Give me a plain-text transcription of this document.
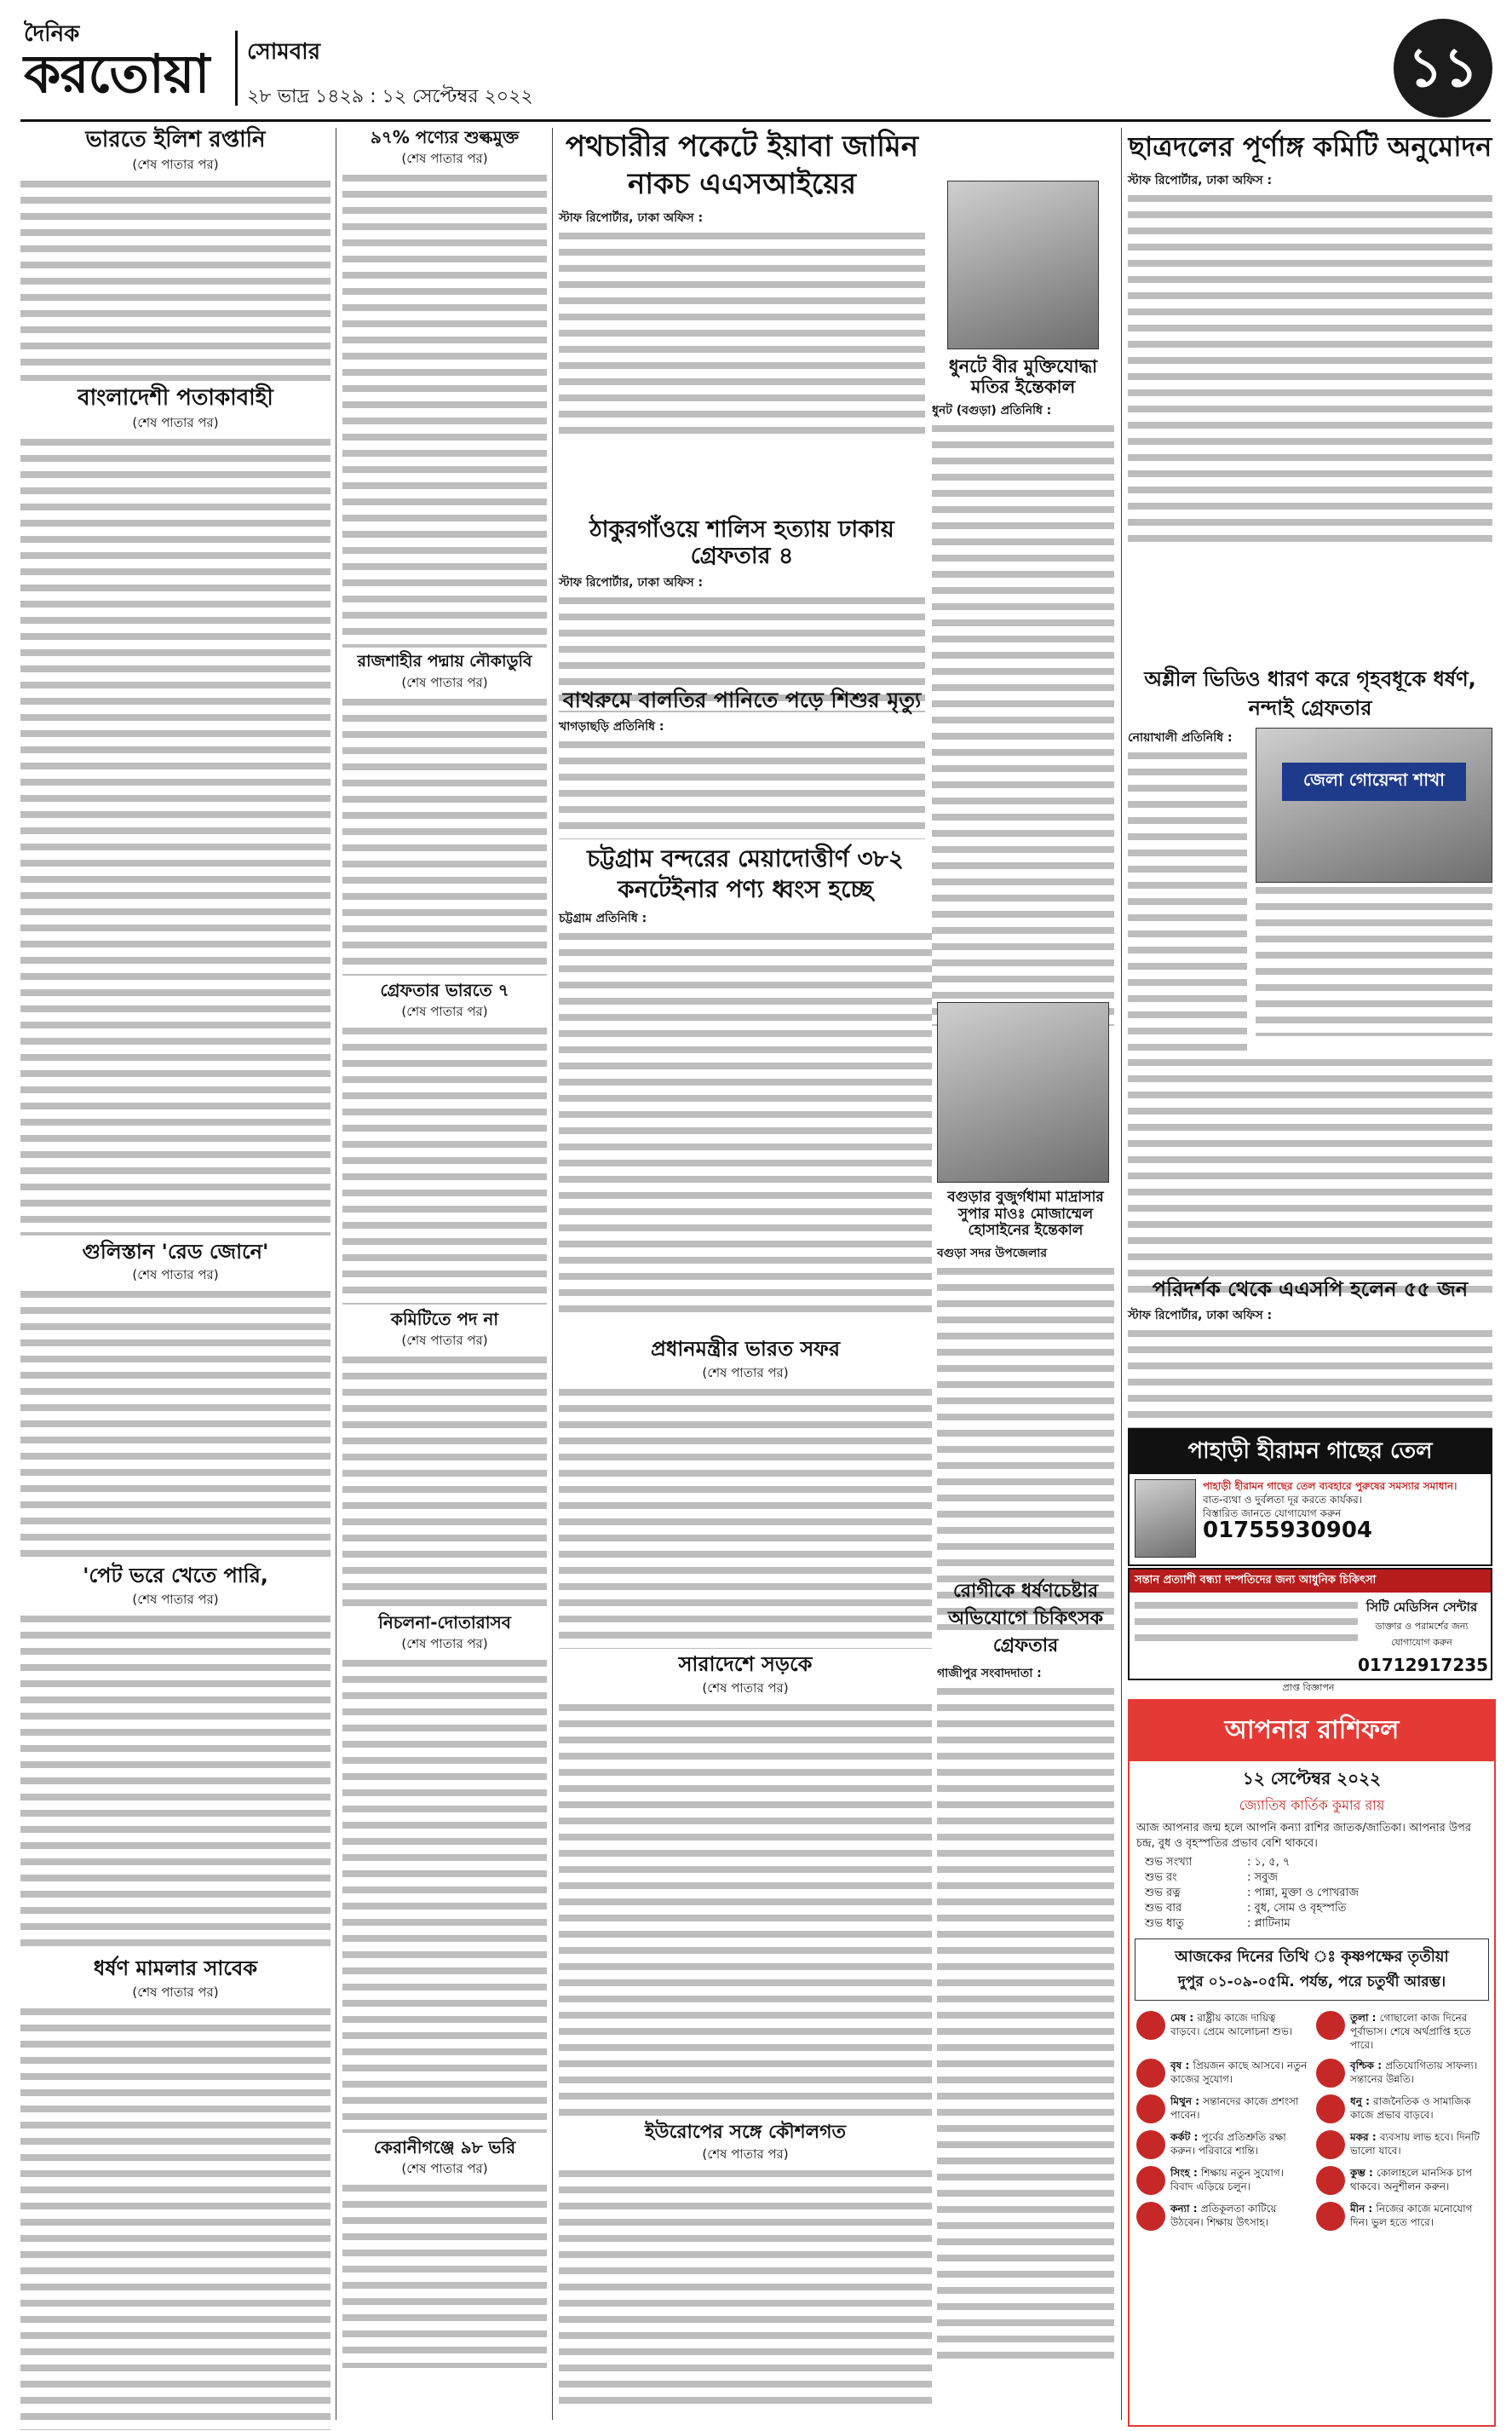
দৈনিক
করতোয়া	সোমবার
২৮ ভাদ্র ১৪২৯ : ১২ সেপ্টেম্বর ২০২২	১১
ভারতে ইলিশ রপ্তানি
(শেষ পাতার পর)
বাংলাদেশী পতাকাবাহী
(শেষ পাতার পর)
গুলিস্তান 'রেড জোনে'
(শেষ পাতার পর)
'পেট ভরে খেতে পারি,
(শেষ পাতার পর)
ধর্ষণ মামলার সাবেক
(শেষ পাতার পর)
৯৭% পণ্যের শুল্কমুক্ত
(শেষ পাতার পর)
রাজশাহীর পদ্মায় নৌকাডুবি
(শেষ পাতার পর)
গ্রেফতার ভারতে ৭
(শেষ পাতার পর)
কমিটিতে পদ না
(শেষ পাতার পর)
নিচলনা-দোতারাসব
(শেষ পাতার পর)
কেরানীগঞ্জে ৯৮ ভরি
(শেষ পাতার পর)
পথচারীর পকেটে ইয়াবা জামিন নাকচ এএসআইয়ের
স্টাফ রিপোর্টার, ঢাকা অফিস :
ধুনটে বীর মুক্তিযোদ্ধা মতির ইন্তেকাল
ধুনট (বগুড়া) প্রতিনিধি :
ঠাকুরগাঁওয়ে শালিস হত্যায় ঢাকায় গ্রেফতার ৪
স্টাফ রিপোর্টার, ঢাকা অফিস :
বাথরুমে বালতির পানিতে পড়ে শিশুর মৃত্যু
খাগড়াছড়ি প্রতিনিধি :
চট্টগ্রাম বন্দরের মেয়াদোত্তীর্ণ ৩৮২ কনটেইনার পণ্য ধ্বংস হচ্ছে
চট্টগ্রাম প্রতিনিধি :
বগুড়ার বুজুর্গধামা মাদ্রাসার সুপার মাওঃ মোজাম্মেল হোসাইনের ইন্তেকাল
বগুড়া সদর উপজেলার
প্রধানমন্ত্রীর ভারত সফর
(শেষ পাতার পর)
সারাদেশে সড়কে
(শেষ পাতার পর)
ইউরোপের সঙ্গে কৌশলগত
(শেষ পাতার পর)
রোগীকে ধর্ষণচেষ্টার অভিযোগে চিকিৎসক গ্রেফতার
গাজীপুর সংবাদদাতা :
ছাত্রদলের পূর্ণাঙ্গ কমিটি অনুমোদন
স্টাফ রিপোর্টার, ঢাকা অফিস :
অশ্লীল ভিডিও ধারণ করে গৃহবধূকে ধর্ষণ, নন্দাই গ্রেফতার
নোয়াখালী প্রতিনিধি :
জেলা গোয়েন্দা শাখা
পরিদর্শক থেকে এএসপি হলেন ৫৫ জন
স্টাফ রিপোর্টার, ঢাকা অফিস :
পাহাড়ী হীরামন গাছের তেল
পাহাড়ী হীরামন গাছের তেল ব্যবহারে পুরুষের সমস্যার সমাধান।
বাত-ব্যথা ও দুর্বলতা দূর করতে কার্যকর।
বিস্তারিত জানতে যোগাযোগ করুন
01755930904
সন্তান প্রত্যাশী বন্ধ্যা দম্পতিদের জন্য আধুনিক চিকিৎসা
সিটি মেডিসিন সেন্টার
ডাক্তার ও পরামর্শের জন্য যোগাযোগ করুন
01712917235
প্রাপ্ত বিজ্ঞাপন
আপনার রাশিফল
১২ সেপ্টেম্বর ২০২২
জ্যোতিষ কার্তিক কুমার রায়
আজ আপনার জন্ম হলে আপনি কন্যা রাশির জাতক/জাতিকা। আপনার উপর চন্দ্র, বুধ ও বৃহস্পতির প্রভাব বেশি থাকবে।
শুভ সংখ্যা	: ১, ৫, ৭
শুভ রং	: সবুজ
শুভ রত্ন	: পান্না, মুক্তা ও পোখরাজ
শুভ বার	: বুধ, সোম ও বৃহস্পতি
শুভ ধাতু	: প্লাটিনাম
আজকের দিনের তিথি ঃ কৃষ্ণপক্ষের তৃতীয়া
দুপুর ০১-০৯-০৫মি. পর্যন্ত, পরে চতুর্থী আরম্ভ।
মেষ : রাষ্ট্রীয় কাজে দায়িত্ব বাড়বে। প্রেমে আলোচনা শুভ।
তুলা : গোছালো কাজ দিনের পূর্বাভাস। শেষে অর্থপ্রাপ্তি হতে পারে।
বৃষ : প্রিয়জন কাছে আসবে। নতুন কাজের সুযোগ।
বৃশ্চিক : প্রতিযোগিতায় সাফল্য। সন্তানের উন্নতি।
মিথুন : সন্তানদের কাজে প্রশংসা পাবেন।
ধনু : রাজনৈতিক ও সামাজিক কাজে প্রভাব বাড়বে।
কর্কট : পূর্বের প্রতিশ্রুতি রক্ষা করুন। পরিবারে শান্তি।
মকর : ব্যবসায় লাভ হবে। দিনটি ভালো যাবে।
সিংহ : শিক্ষায় নতুন সুযোগ। বিবাদ এড়িয়ে চলুন।
কুম্ভ : কোলাহলে মানসিক চাপ থাকবে। অনুশীলন করুন।
কন্যা : প্রতিকূলতা কাটিয়ে উঠবেন। শিক্ষায় উৎসাহ।
মীন : নিজের কাজে মনোযোগ দিন। ভুল হতে পারে।
